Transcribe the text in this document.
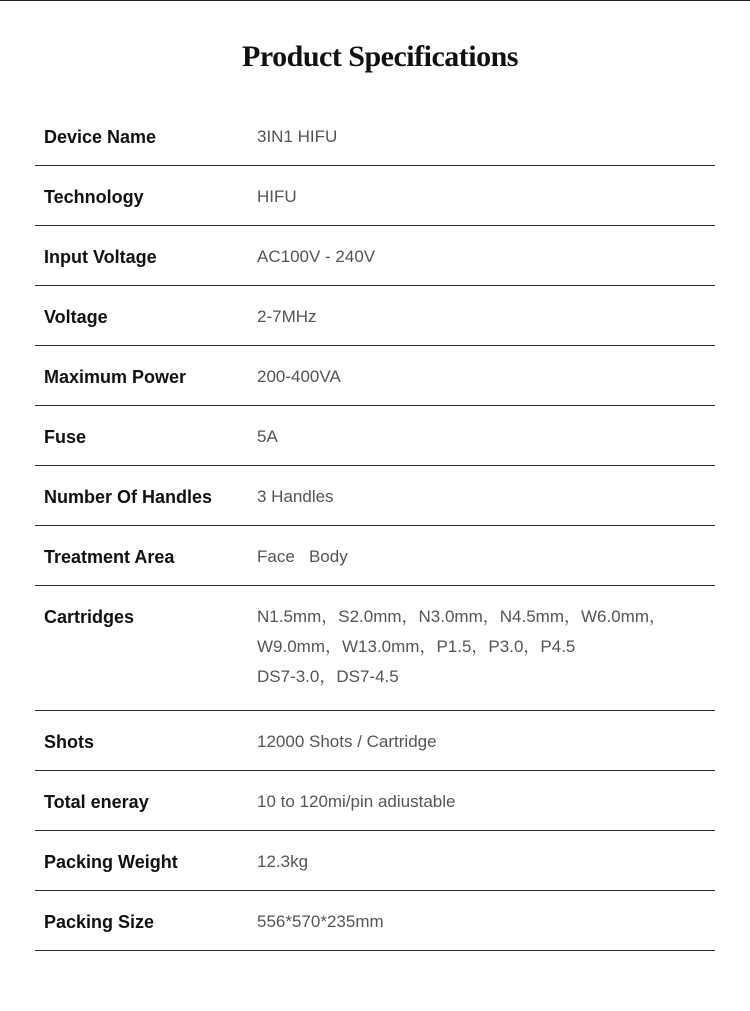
Product Specifications
Device Name	3IN1 HIFU
Technology	HIFU
Input Voltage	AC100V - 240V
Voltage	2-7MHz
Maximum Power	200-400VA
Fuse	5A
Number Of Handles	3 Handles
Treatment Area	Face   Body
Cartridges	N1.5mm，S2.0mm，N3.0mm，N4.5mm，W6.0mm，
W9.0mm，W13.0mm，P1.5，P3.0，P4.5
DS7-3.0，DS7-4.5
Shots	12000 Shots / Cartridge
Total eneray	10 to 120mi/pin adiustable
Packing Weight	12.3kg
Packing Size	556*570*235mm
